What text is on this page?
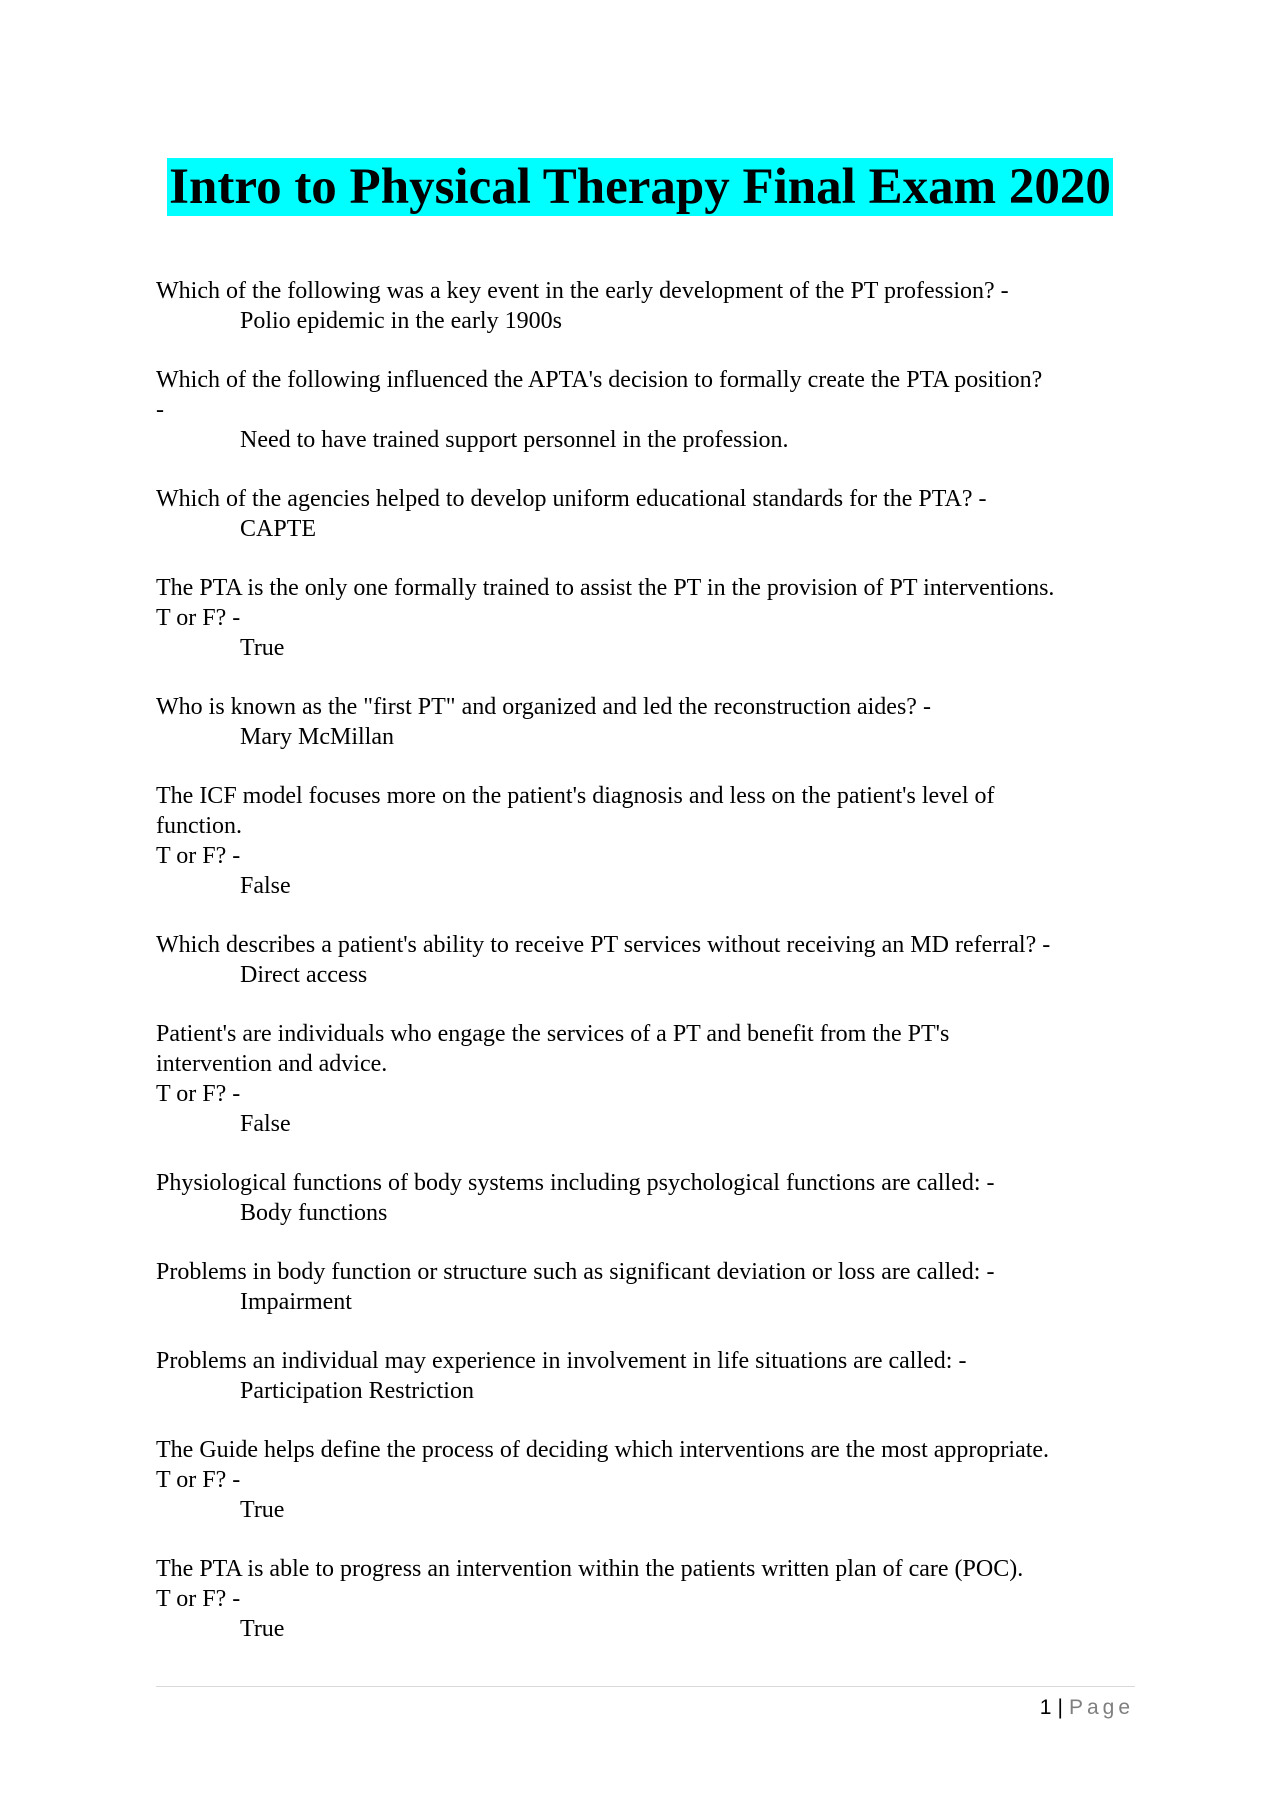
Intro to Physical Therapy Final Exam 2020

Which of the following was a key event in the early development of the PT profession? -

Polio epidemic in the early 1900s

Which of the following influenced the APTA's decision to formally create the PTA position?
-

Need to have trained support personnel in the profession.

Which of the agencies helped to develop uniform educational standards for the PTA? -

CAPTE

The PTA is the only one formally trained to assist the PT in the provision of PT interventions.
T or F? -

True

Who is known as the "first PT" and organized and led the reconstruction aides? -

Mary McMillan

The ICF model focuses more on the patient's diagnosis and less on the patient's level of
function.
T or F? -

False

Which describes a patient's ability to receive PT services without receiving an MD referral? -

Direct access

Patient's are individuals who engage the services of a PT and benefit from the PT's
intervention and advice.
T or F? -

False

Physiological functions of body systems including psychological functions are called: -

Body functions

Problems in body function or structure such as significant deviation or loss are called: -

Impairment

Problems an individual may experience in involvement in life situations are called: -

Participation Restriction

The Guide helps define the process of deciding which interventions are the most appropriate.
T or F? -

True

The PTA is able to progress an intervention within the patients written plan of care (POC).
T or F? -

True

1 | Page
